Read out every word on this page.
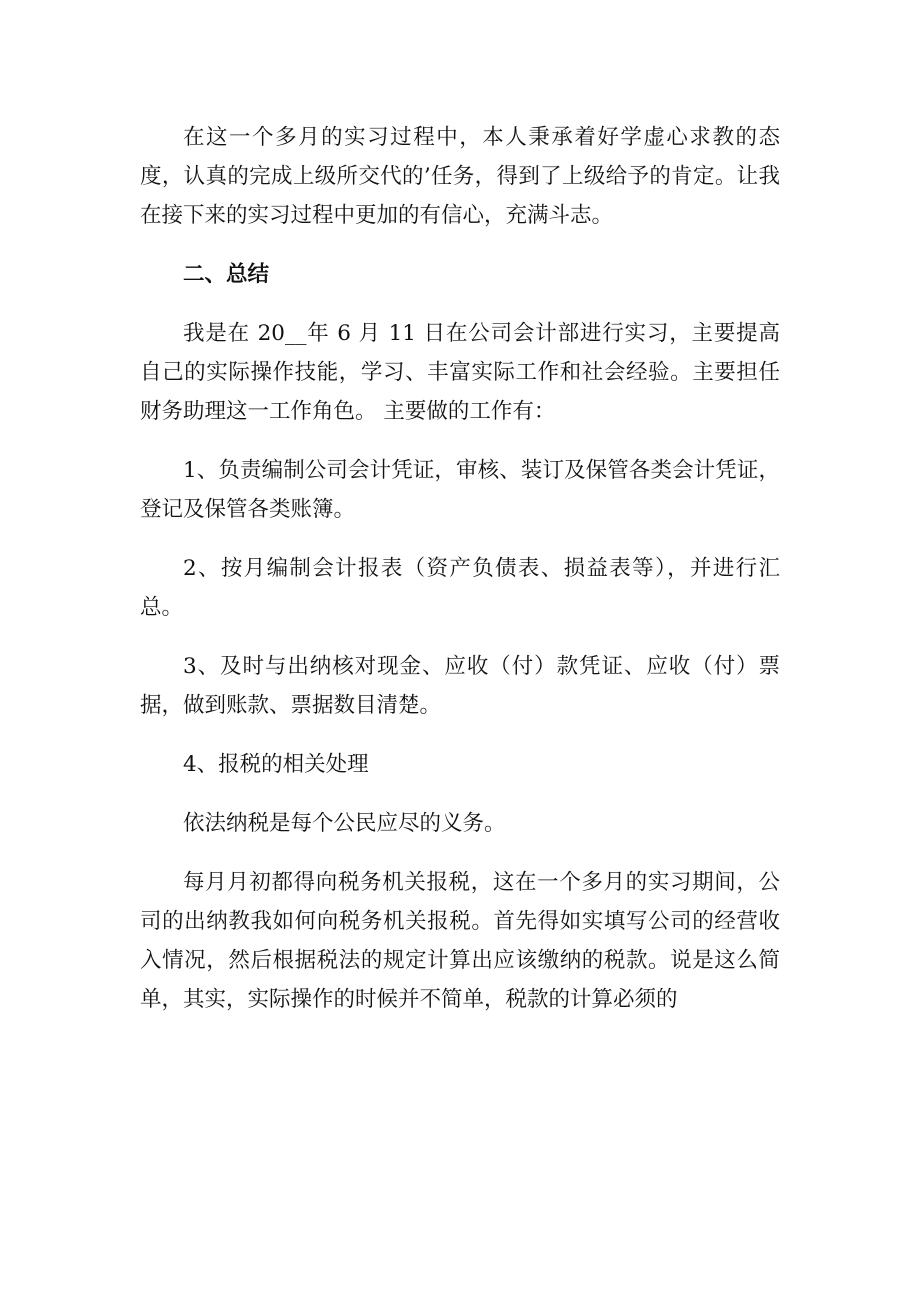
在这一个多月的实习过程中，本人秉承着好学虚心求教的态度，认真的完成上级所交代的’任务，得到了上级给予的肯定。让我在接下来的实习过程中更加的有信心，充满斗志。

二、总结

我是在 20__年 6 月 11 日在公司会计部进行实习，主要提高自己的实际操作技能，学习、丰富实际工作和社会经验。主要担任财务助理这一工作角色。 主要做的工作有：

1、负责编制公司会计凭证，审核、装订及保管各类会计凭证，登记及保管各类账簿。

2、按月编制会计报表（资产负债表、损益表等），并进行汇总。

3、及时与出纳核对现金、应收（付）款凭证、应收（付）票据，做到账款、票据数目清楚。

4、报税的相关处理

依法纳税是每个公民应尽的义务。

每月月初都得向税务机关报税，这在一个多月的实习期间，公司的出纳教我如何向税务机关报税。首先得如实填写公司的经营收入情况，然后根据税法的规定计算出应该缴纳的税款。说是这么简单，其实，实际操作的时候并不简单，税款的计算必须的
